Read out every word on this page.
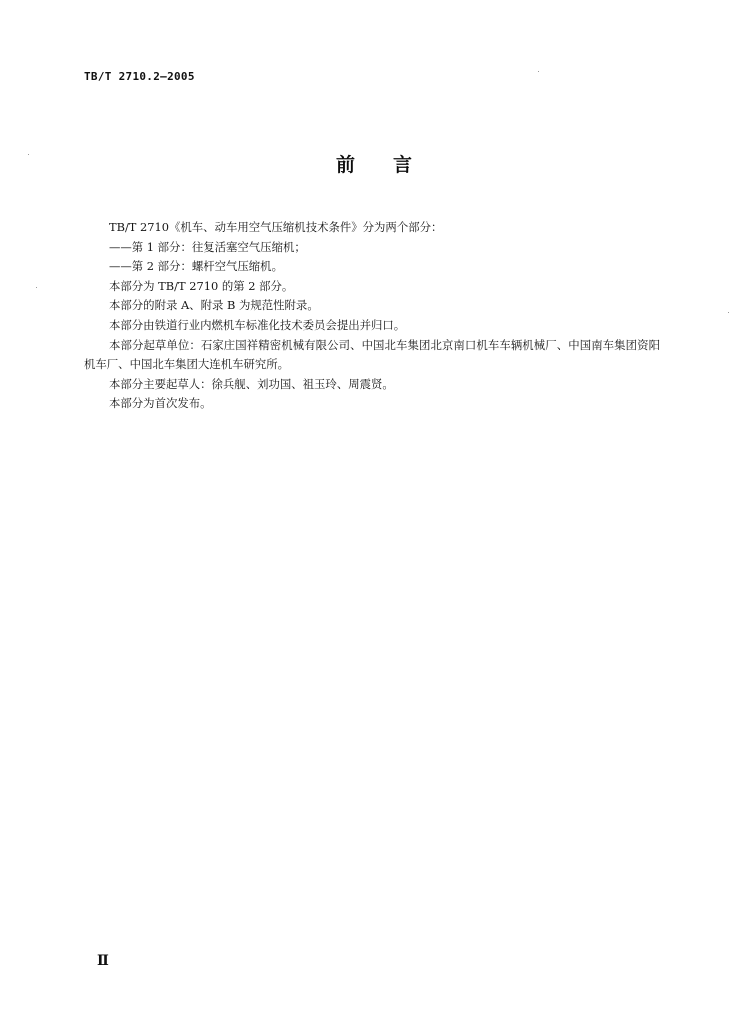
TB/T 2710.2—2005
前　　言

TB/T 2710《机车、动车用空气压缩机技术条件》分为两个部分：

——第 1 部分：往复活塞空气压缩机；

——第 2 部分：螺杆空气压缩机。

本部分为 TB/T 2710 的第 2 部分。

本部分的附录 A、附录 B 为规范性附录。

本部分由铁道行业内燃机车标准化技术委员会提出并归口。

本部分起草单位：石家庄国祥精密机械有限公司、中国北车集团北京南口机车车辆机械厂、中国南车集团资阳机车厂、中国北车集团大连机车研究所。

本部分主要起草人：徐兵舰、刘功国、祖玉玲、周震贤。

本部分为首次发布。

Ⅱ
